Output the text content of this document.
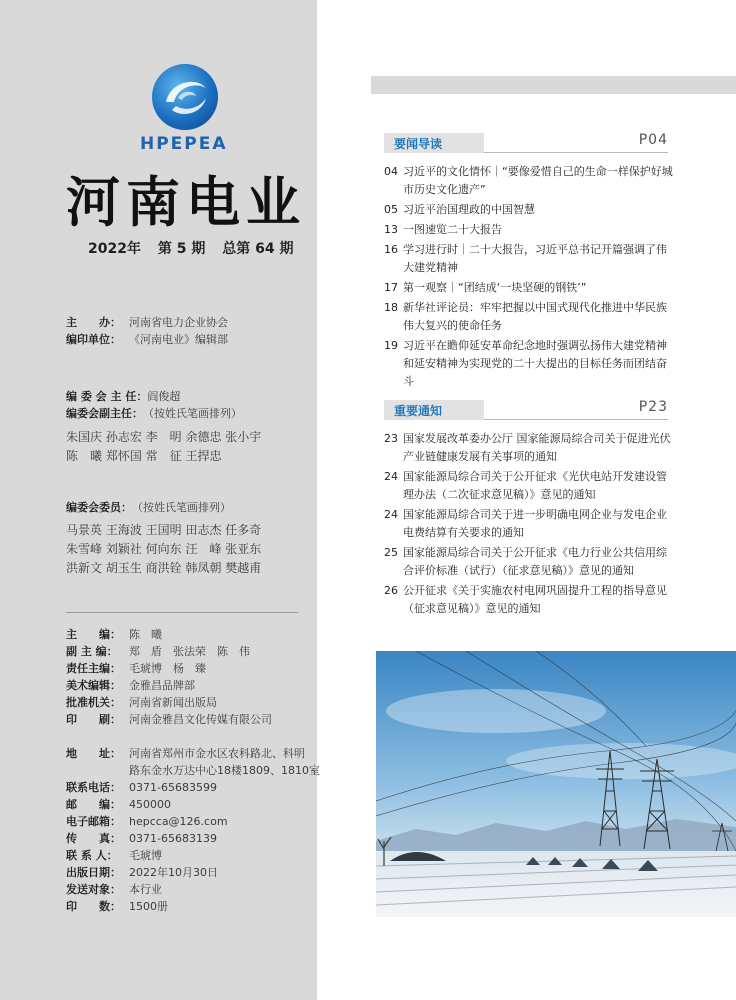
HPEPEA
河南电业
2022年 第 5 期 总第 64 期
主　　办： 河南省电力企业协会
编印单位： 《河南电业》编辑部
编 委 会 主 任： 阎俊超
编委会副主任： （按姓氏笔画排列）
朱国庆 孙志宏 李　明 余德忠 张小宇
陈　曦 郑怀国 常　征 王捍忠
编委会委员： （按姓氏笔画排列）
马景英 王海波 王国明 田志杰 任多奇
朱雪峰 刘颖社 何向东 汪　峰 张亚东
洪新文 胡玉生 商洪铨 韩凤朝 樊越甫
主　　编： 陈　曦
副 主 编：	郑　盾　张法荣　陈　伟
责任主编： 毛琥博　杨　臻
美术编辑： 金雅昌品牌部
批准机关： 河南省新闻出版局
印　　刷： 河南金雅昌文化传媒有限公司
地　　址： 河南省郑州市金水区农科路北、科明
路东金水万达中心18楼1809、1810室
联系电话： 0371-65683599
邮　　编： 450000
电子邮箱： hepcca@126.com
传　　真： 0371-65683139
联 系 人：	毛琥博
出版日期： 2022年10月30日
发送对象： 本行业
印　　数： 1500册
要闻导读	P04
04 习近平的文化情怀｜“要像爱惜自己的生命一样保护好城市历史文化遗产”
05 习近平治国理政的中国智慧
13 一图速览二十大报告
16 学习进行时｜二十大报告，习近平总书记开篇强调了伟大建党精神
17 第一观察｜“团结成‘一块坚硬的钢铁’”
18 新华社评论员：牢牢把握以中国式现代化推进中华民族伟大复兴的使命任务
19 习近平在瞻仰延安革命纪念地时强调弘扬伟大建党精神和延安精神为实现党的二十大提出的目标任务而团结奋斗
重要通知	P23
23 国家发展改革委办公厅 国家能源局综合司关于促进光伏产业链健康发展有关事项的通知
24 国家能源局综合司关于公开征求《光伏电站开发建设管理办法（二次征求意见稿）》意见的通知
24 国家能源局综合司关于进一步明确电网企业与发电企业电费结算有关要求的通知
25 国家能源局综合司关于公开征求《电力行业公共信用综合评价标准（试行）（征求意见稿）》意见的通知
26 公开征求《关于实施农村电网巩固提升工程的指导意见（征求意见稿）》意见的通知
